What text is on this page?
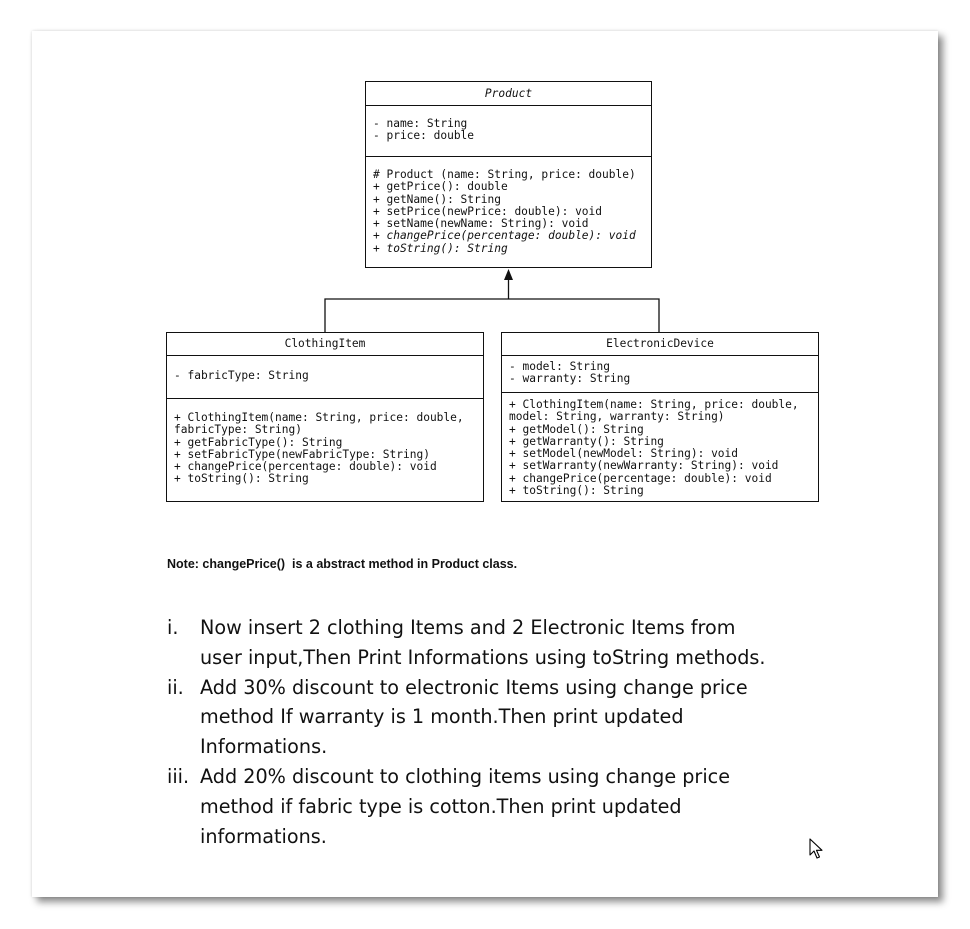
Product
- name: String
- price: double
# Product (name: String, price: double)
+ getPrice(): double
+ getName(): String
+ setPrice(newPrice: double): void
+ setName(newName: String): void
+ changePrice(percentage: double): void
+ toString(): String
ClothingItem
- fabricType: String
+ ClothingItem(name: String, price: double,
fabricType: String)
+ getFabricType(): String
+ setFabricType(newFabricType: String)
+ changePrice(percentage: double): void
+ toString(): String
ElectronicDevice
- model: String
- warranty: String
+ ClothingItem(name: String, price: double,
model: String, warranty: String)
+ getModel(): String
+ getWarranty(): String
+ setModel(newModel: String): void
+ setWarranty(newWarranty: String): void
+ changePrice(percentage: double): void
+ toString(): String
Note: changePrice()  is a abstract method in Product class.
i. Now insert 2 clothing Items and 2 Electronic Items from
user input,Then Print Informations using toString methods.
ii. Add 30% discount to electronic Items using change price
method If warranty is 1 month.Then print updated
Informations.
iii. Add 20% discount to clothing items using change price
method if fabric type is cotton.Then print updated
informations.
